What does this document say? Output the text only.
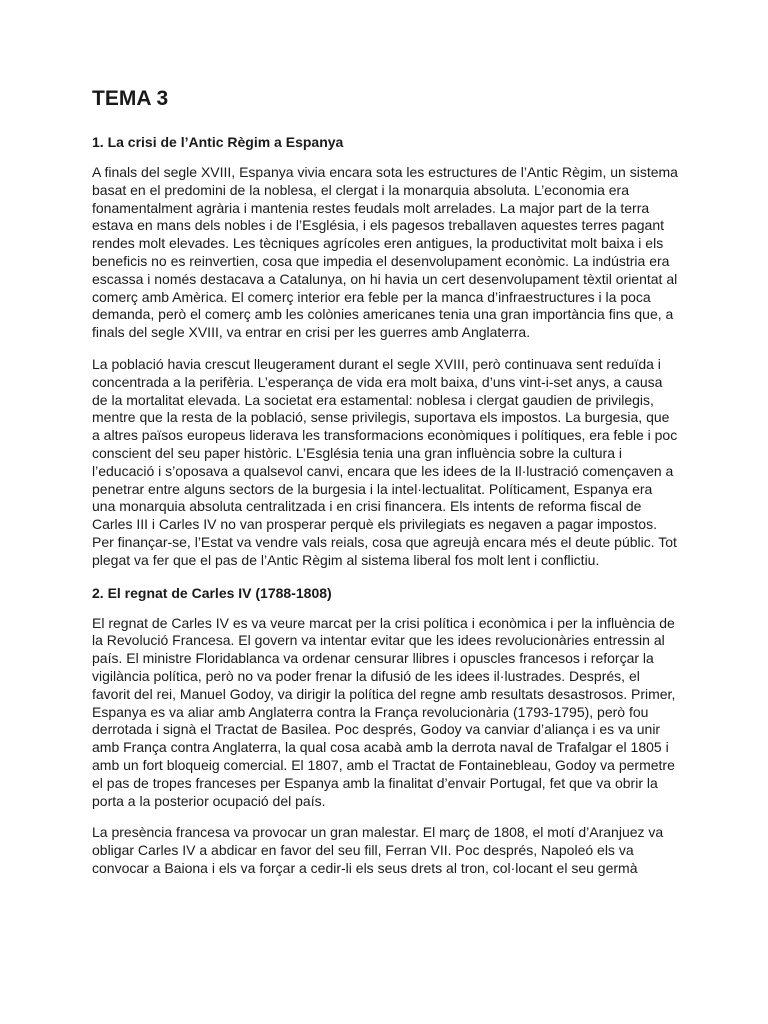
TEMA 3
1. La crisi de l’Antic Règim a Espanya

A finals del segle XVIII, Espanya vivia encara sota les estructures de l’Antic Règim, un sistema basat en el predomini de la noblesa, el clergat i la monarquia absoluta. L’economia era fonamentalment agrària i mantenia restes feudals molt arrelades. La major part de la terra estava en mans dels nobles i de l’Església, i els pagesos treballaven aquestes terres pagant rendes molt elevades. Les tècniques agrícoles eren antigues, la productivitat molt baixa i els beneficis no es reinvertien, cosa que impedia el desenvolupament econòmic. La indústria era escassa i només destacava a Catalunya, on hi havia un cert desenvolupament tèxtil orientat al comerç amb Amèrica. El comerç interior era feble per la manca d’infraestructures i la poca demanda, però el comerç amb les colònies americanes tenia una gran importància fins que, a finals del segle XVIII, va entrar en crisi per les guerres amb Anglaterra.

La població havia crescut lleugerament durant el segle XVIII, però continuava sent reduïda i concentrada a la perifèria. L’esperança de vida era molt baixa, d’uns vint-i-set anys, a causa de la mortalitat elevada. La societat era estamental: noblesa i clergat gaudien de privilegis, mentre que la resta de la població, sense privilegis, suportava els impostos. La burgesia, que a altres països europeus liderava les transformacions econòmiques i polítiques, era feble i poc conscient del seu paper històric. L’Església tenia una gran influència sobre la cultura i l’educació i s’oposava a qualsevol canvi, encara que les idees de la Il·lustració començaven a penetrar entre alguns sectors de la burgesia i la intel·lectualitat. Políticament, Espanya era una monarquia absoluta centralitzada i en crisi financera. Els intents de reforma fiscal de Carles III i Carles IV no van prosperar perquè els privilegiats es negaven a pagar impostos. Per finançar-se, l’Estat va vendre vals reials, cosa que agreujà encara més el deute públic. Tot plegat va fer que el pas de l’Antic Règim al sistema liberal fos molt lent i conflictiu.

2. El regnat de Carles IV (1788-1808)

El regnat de Carles IV es va veure marcat per la crisi política i econòmica i per la influència de la Revolució Francesa. El govern va intentar evitar que les idees revolucionàries entressin al país. El ministre Floridablanca va ordenar censurar llibres i opuscles francesos i reforçar la vigilància política, però no va poder frenar la difusió de les idees il·lustrades. Després, el favorit del rei, Manuel Godoy, va dirigir la política del regne amb resultats desastrosos. Primer, Espanya es va aliar amb Anglaterra contra la França revolucionària (1793-1795), però fou derrotada i signà el Tractat de Basilea. Poc després, Godoy va canviar d’aliança i es va unir amb França contra Anglaterra, la qual cosa acabà amb la derrota naval de Trafalgar el 1805 i amb un fort bloqueig comercial. El 1807, amb el Tractat de Fontainebleau, Godoy va permetre el pas de tropes franceses per Espanya amb la finalitat d’envair Portugal, fet que va obrir la porta a la posterior ocupació del país.

La presència francesa va provocar un gran malestar. El març de 1808, el motí d’Aranjuez va obligar Carles IV a abdicar en favor del seu fill, Ferran VII. Poc després, Napoleó els va convocar a Baiona i els va forçar a cedir-li els seus drets al tron, col·locant el seu germà
